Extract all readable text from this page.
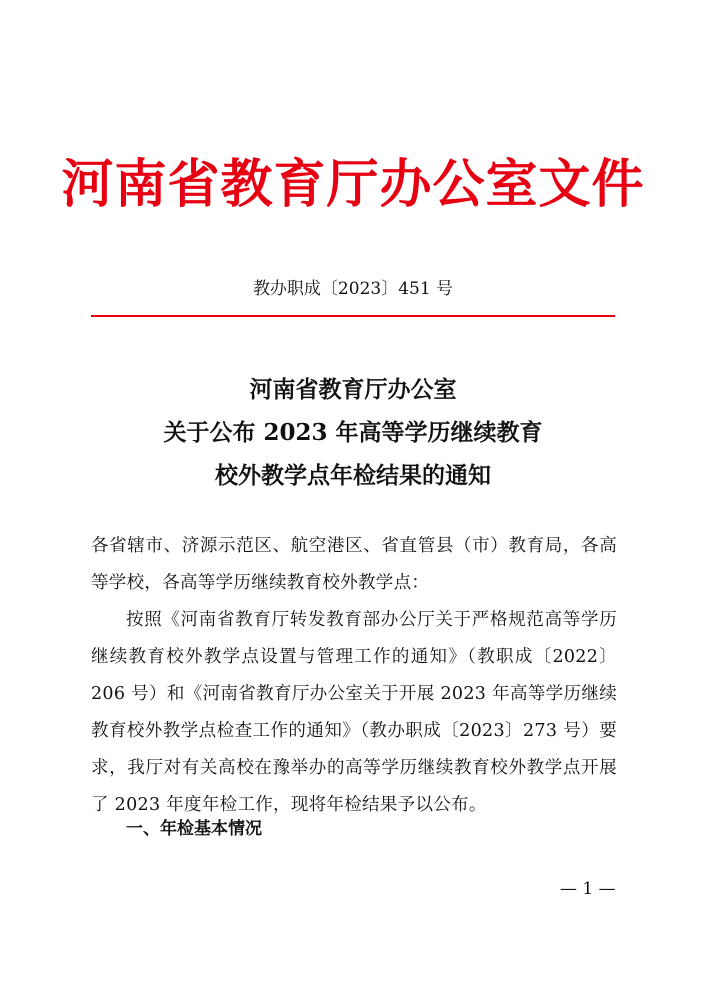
河南省教育厅办公室文件
教办职成〔2023〕451 号
河南省教育厅办公室
关于公布 2023 年高等学历继续教育
校外教学点年检结果的通知

各省辖市、济源示范区、航空港区、省直管县（市）教育局，各高等学校，各高等学历继续教育校外教学点：

按照《河南省教育厅转发教育部办公厅关于严格规范高等学历继续教育校外教学点设置与管理工作的通知》（教职成〔2022〕206 号）和《河南省教育厅办公室关于开展 2023 年高等学历继续教育校外教学点检查工作的通知》（教办职成〔2023〕273 号）要求，我厅对有关高校在豫举办的高等学历继续教育校外教学点开展了 2023 年度年检工作，现将年检结果予以公布。

一、年检基本情况
— 1 —
